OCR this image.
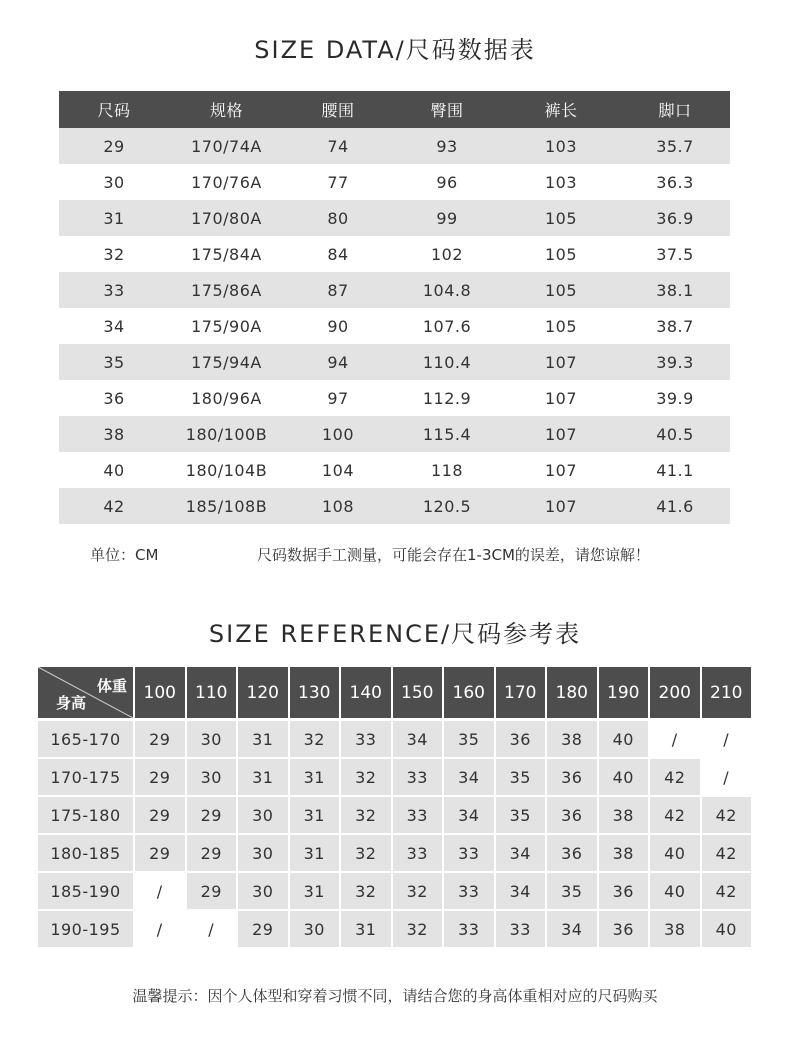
SIZE DATA/尺码数据表
尺码	规格	腰围	臀围	裤长	脚口
29	170/74A	74	93	103	35.7
30	170/76A	77	96	103	36.3
31	170/80A	80	99	105	36.9
32	175/84A	84	102	105	37.5
33	175/86A	87	104.8	105	38.1
34	175/90A	90	107.6	105	38.7
35	175/94A	94	110.4	107	39.3
36	180/96A	97	112.9	107	39.9
38	180/100B	100	115.4	107	40.5
40	180/104B	104	118	107	41.1
42	185/108B	108	120.5	107	41.6
单位：CM	尺码数据手工测量，可能会存在1-3CM的误差，请您谅解！
SIZE REFERENCE/尺码参考表
体重
身高
100	110	120	130	140	150	160	170	180	190	200	210
165-170	29	30	31	32	33	34	35	36	38	40	/	/
170-175	29	30	31	31	32	33	34	35	36	40	42	/
175-180	29	29	30	31	32	33	34	35	36	38	42	42
180-185	29	29	30	31	32	33	33	34	36	38	40	42
185-190	/	29	30	31	32	32	33	34	35	36	40	42
190-195	/	/	29	30	31	32	33	33	34	36	38	40
温馨提示：因个人体型和穿着习惯不同，请结合您的身高体重相对应的尺码购买
